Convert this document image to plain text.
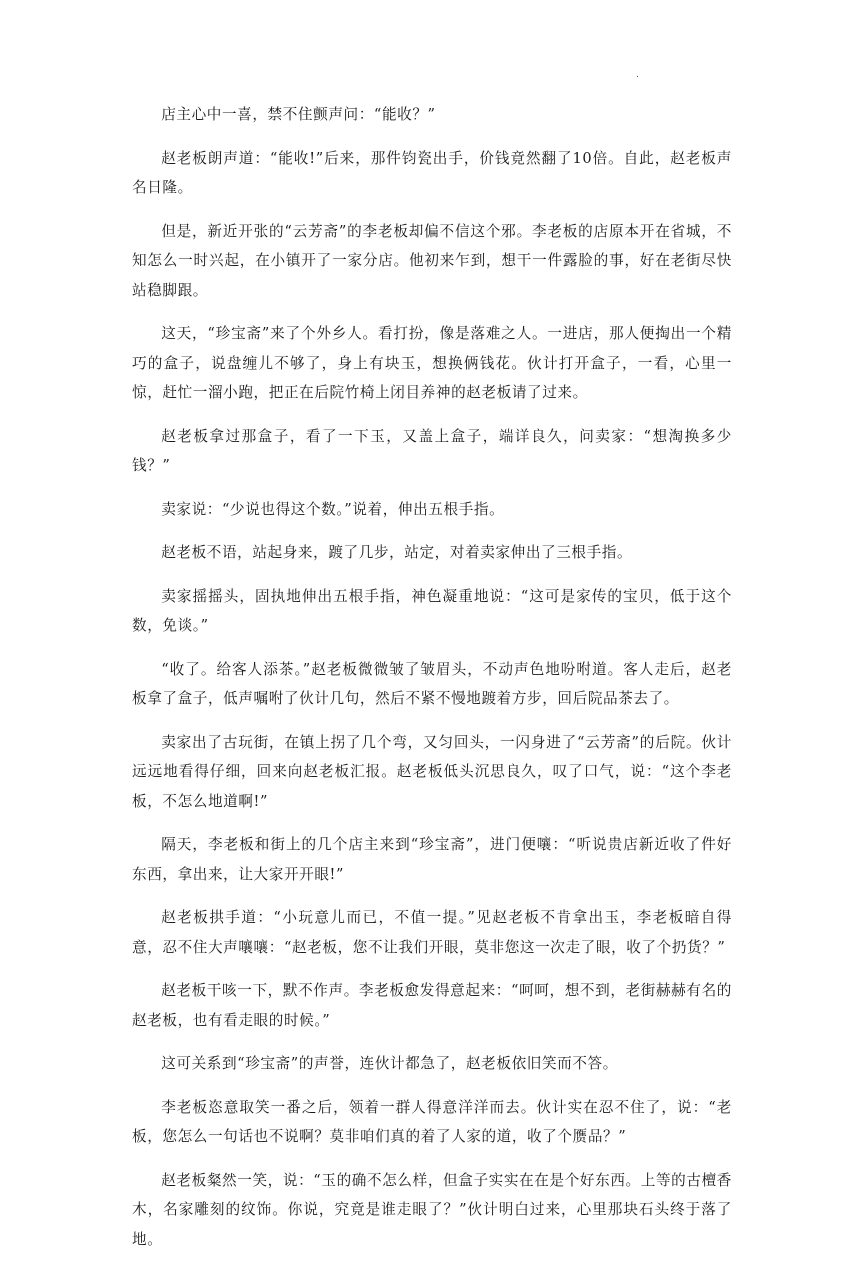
.

店主心中一喜，禁不住颤声问：“能收？”

赵老板朗声道：“能收!”后来，那件钧瓷出手，价钱竟然翻了10倍。自此，赵老板声名日隆。

但是，新近开张的“云芳斋”的李老板却偏不信这个邪。李老板的店原本开在省城，不知怎么一时兴起，在小镇开了一家分店。他初来乍到，想干一件露脸的事，好在老街尽快站稳脚跟。

这天，“珍宝斋”来了个外乡人。看打扮，像是落难之人。一进店，那人便掏出一个精巧的盒子，说盘缠儿不够了，身上有块玉，想换俩钱花。伙计打开盒子，一看，心里一惊，赶忙一溜小跑，把正在后院竹椅上闭目养神的赵老板请了过来。

赵老板拿过那盒子，看了一下玉，又盖上盒子，端详良久，问卖家：“想淘换多少钱？”

卖家说：“少说也得这个数。”说着，伸出五根手指。

赵老板不语，站起身来，踱了几步，站定，对着卖家伸出了三根手指。

卖家摇摇头，固执地伸出五根手指，神色凝重地说：“这可是家传的宝贝，低于这个数，免谈。”

“收了。给客人添茶。”赵老板微微皱了皱眉头，不动声色地吩咐道。客人走后，赵老板拿了盒子，低声嘱咐了伙计几句，然后不紧不慢地踱着方步，回后院品茶去了。

卖家出了古玩街，在镇上拐了几个弯，又匀回头，一闪身进了“云芳斋”的后院。伙计远远地看得仔细，回来向赵老板汇报。赵老板低头沉思良久，叹了口气，说：“这个李老板，不怎么地道啊!”

隔天，李老板和街上的几个店主来到“珍宝斋”，进门便嚷：“听说贵店新近收了件好东西，拿出来，让大家开开眼!”

赵老板拱手道：“小玩意儿而已，不值一提。”见赵老板不肯拿出玉，李老板暗自得意，忍不住大声嚷嚷：“赵老板，您不让我们开眼，莫非您这一次走了眼，收了个扔货？”

赵老板干咳一下，默不作声。李老板愈发得意起来：“呵呵，想不到，老街赫赫有名的赵老板，也有看走眼的时候。”

这可关系到“珍宝斋”的声誉，连伙计都急了，赵老板依旧笑而不答。

李老板恣意取笑一番之后，领着一群人得意洋洋而去。伙计实在忍不住了，说：“老板，您怎么一句话也不说啊？莫非咱们真的着了人家的道，收了个赝品？”

赵老板粲然一笑，说：“玉的确不怎么样，但盒子实实在在是个好东西。上等的古檀香木，名家雕刻的纹饰。你说，究竟是谁走眼了？”伙计明白过来，心里那块石头终于落了地。
